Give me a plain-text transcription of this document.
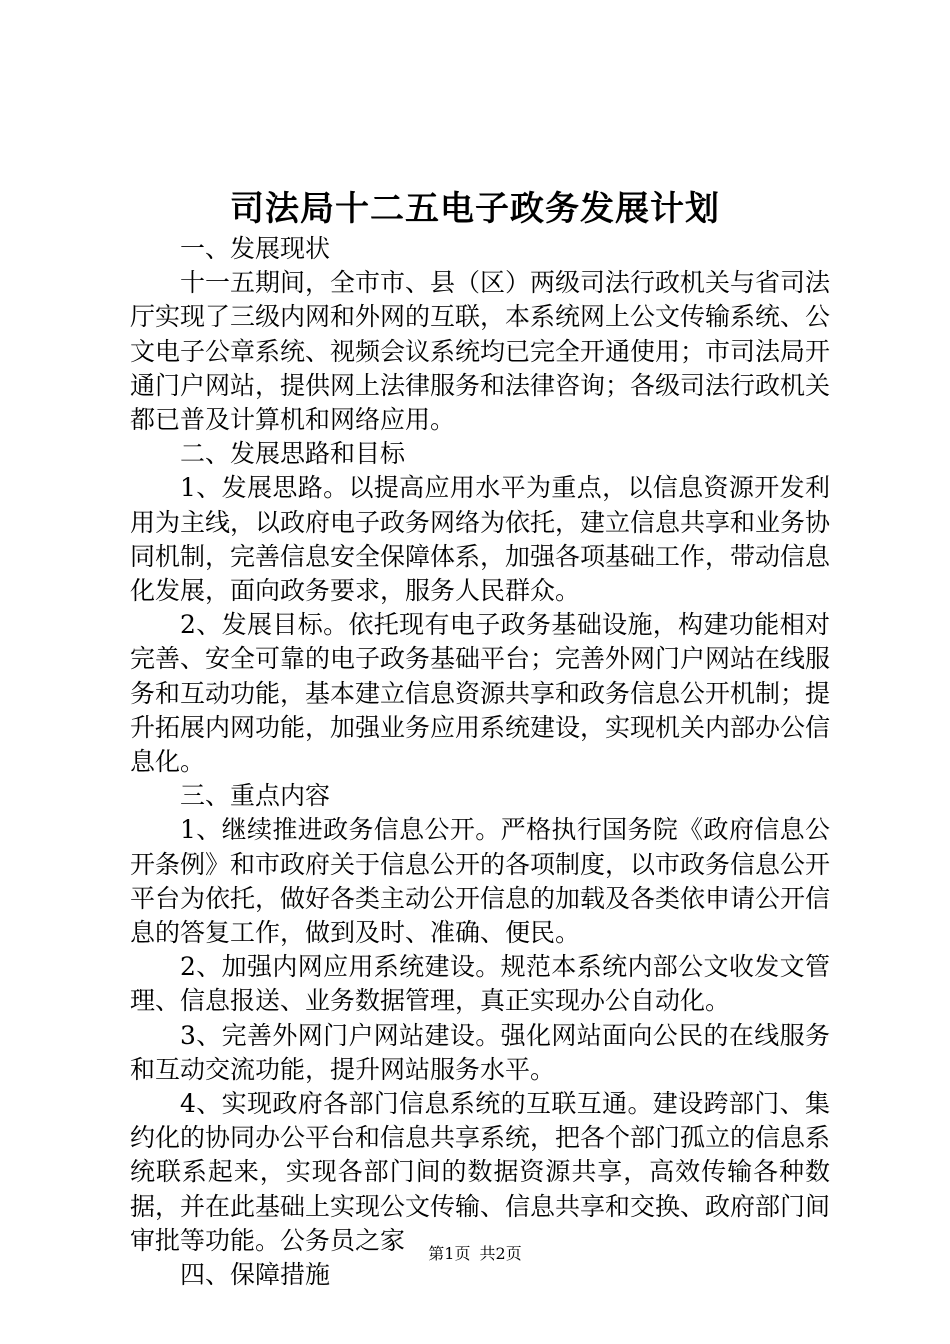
司法局十二五电子政务发展计划

一、发展现状

十一五期间，全市市、县（区）两级司法行政机关与省司法厅实现了三级内网和外网的互联，本系统网上公文传输系统、公文电子公章系统、视频会议系统均已完全开通使用；市司法局开通门户网站，提供网上法律服务和法律咨询；各级司法行政机关都已普及计算机和网络应用。

二、发展思路和目标

1、发展思路。以提高应用水平为重点，以信息资源开发利用为主线，以政府电子政务网络为依托，建立信息共享和业务协同机制，完善信息安全保障体系，加强各项基础工作，带动信息化发展，面向政务要求，服务人民群众。

2、发展目标。依托现有电子政务基础设施，构建功能相对完善、安全可靠的电子政务基础平台；完善外网门户网站在线服务和互动功能，基本建立信息资源共享和政务信息公开机制；提升拓展内网功能，加强业务应用系统建设，实现机关内部办公信息化。

三、重点内容

1、继续推进政务信息公开。严格执行国务院《政府信息公开条例》和市政府关于信息公开的各项制度，以市政务信息公开平台为依托，做好各类主动公开信息的加载及各类依申请公开信息的答复工作，做到及时、准确、便民。

2、加强内网应用系统建设。规范本系统内部公文收发文管理、信息报送、业务数据管理，真正实现办公自动化。

3、完善外网门户网站建设。强化网站面向公民的在线服务和互动交流功能，提升网站服务水平。

4、实现政府各部门信息系统的互联互通。建设跨部门、集约化的协同办公平台和信息共享系统，把各个部门孤立的信息系统联系起来，实现各部门间的数据资源共享，高效传输各种数据，并在此基础上实现公文传输、信息共享和交换、政府部门间审批等功能。公务员之家

四、保障措施

第1页 共2页
